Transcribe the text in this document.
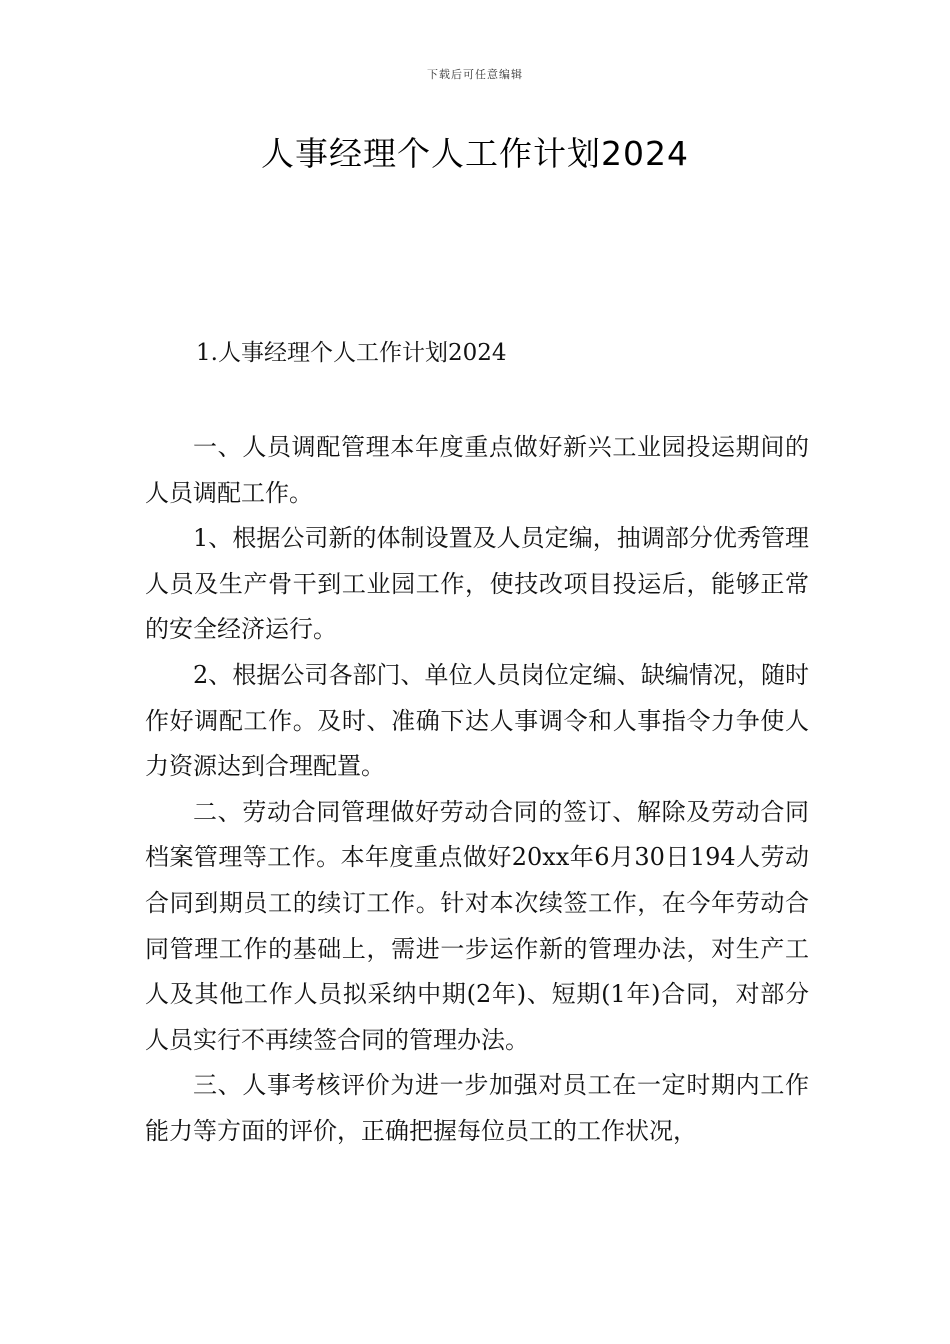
下载后可任意编辑
人事经理个人工作计划2024
1.人事经理个人工作计划2024

一、人员调配管理本年度重点做好新兴工业园投运期间的人员调配工作。

1、根据公司新的体制设置及人员定编，抽调部分优秀管理人员及生产骨干到工业园工作，使技改项目投运后，能够正常的安全经济运行。

2、根据公司各部门、单位人员岗位定编、缺编情况，随时作好调配工作。及时、准确下达人事调令和人事指令力争使人力资源达到合理配置。

二、劳动合同管理做好劳动合同的签订、解除及劳动合同档案管理等工作。本年度重点做好20xx年6月30日194人劳动合同到期员工的续订工作。针对本次续签工作，在今年劳动合同管理工作的基础上，需进一步运作新的管理办法，对生产工人及其他工作人员拟采纳中期(2年)、短期(1年)合同，对部分人员实行不再续签合同的管理办法。

三、人事考核评价为进一步加强对员工在一定时期内工作能力等方面的评价，正确把握每位员工的工作状况，
